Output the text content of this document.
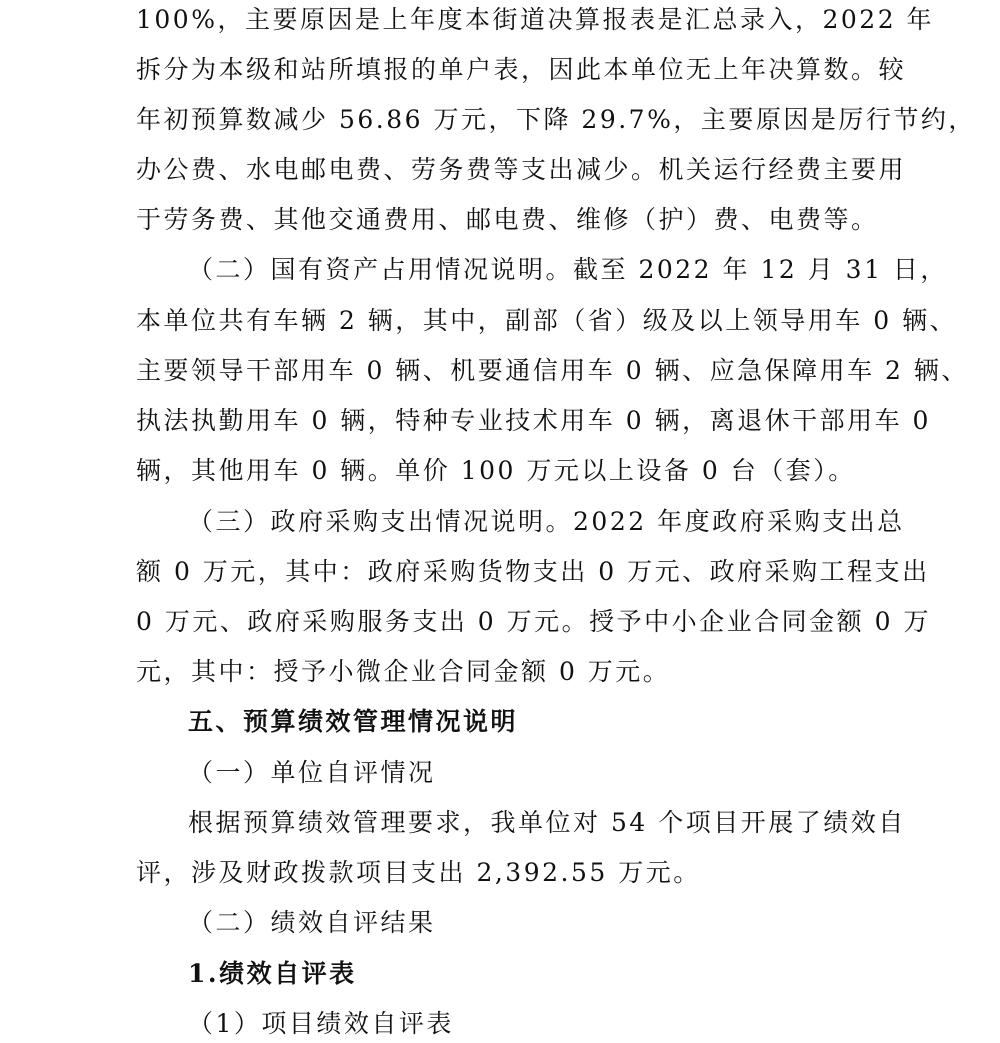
100%，主要原因是上年度本街道决算报表是汇总录入，2022 年
拆分为本级和站所填报的单户表，因此本单位无上年决算数。较
年初预算数减少 56.86 万元，下降 29.7%，主要原因是厉行节约，
办公费、水电邮电费、劳务费等支出减少。机关运行经费主要用
于劳务费、其他交通费用、邮电费、维修（护）费、电费等。
（二）国有资产占用情况说明。截至 2022 年 12 月 31 日，
本单位共有车辆 2 辆，其中，副部（省）级及以上领导用车 0 辆、
主要领导干部用车 0 辆、机要通信用车 0 辆、应急保障用车 2 辆、
执法执勤用车 0 辆，特种专业技术用车 0 辆，离退休干部用车 0
辆，其他用车 0 辆。单价 100 万元以上设备 0 台（套）。
（三）政府采购支出情况说明。2022 年度政府采购支出总
额 0 万元，其中：政府采购货物支出 0 万元、政府采购工程支出
0 万元、政府采购服务支出 0 万元。授予中小企业合同金额 0 万
元，其中：授予小微企业合同金额 0 万元。
五、预算绩效管理情况说明
（一）单位自评情况
根据预算绩效管理要求，我单位对 54 个项目开展了绩效自
评，涉及财政拨款项目支出 2,392.55 万元。
（二）绩效自评结果
1.绩效自评表
（1）项目绩效自评表
